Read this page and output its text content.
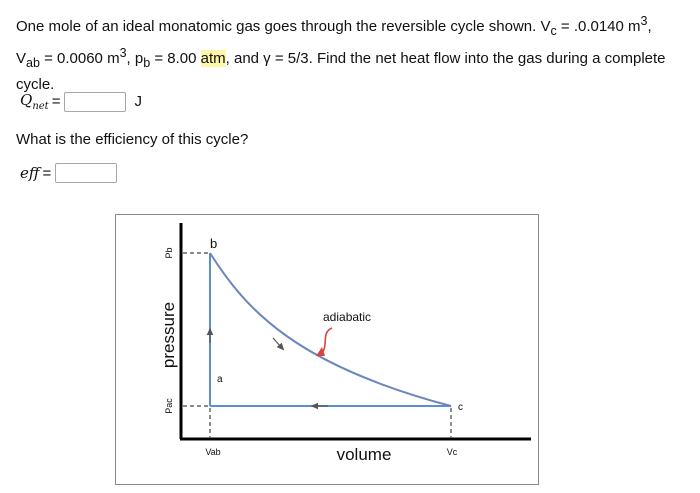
One mole of an ideal monatomic gas goes through the reversible cycle shown. $V_c = .0.0140$ $m^3$,
$V_{ab} = 0.0060$ $m^3$, $p_b = 8.00$ atm, and γ = 5/3. Find the net heat flow into the gas during a complete cycle.
$Q_{net}$ =	J
What is the efficiency of this cycle?
eff =
pressure
volume
Pb
Pac
Vab	Vc
a
b
c
adiabatic
